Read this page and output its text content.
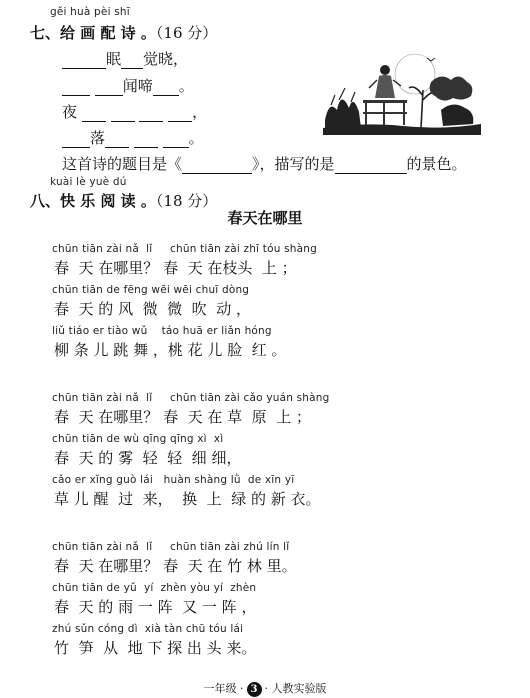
gěi huà pèi shī
七、给 画 配 诗 。（16 分）
眠 觉晓，
闻啼 。
夜	，
落	。
这首诗的题目是《	》，描写的是	的景色。
kuài lè yuè dú
八、快 乐 阅 读 。（18 分）
春天在哪里
chūn tiān zài nǎ  lǐ     chūn tiān zài zhī tóu shàng
春  天 在哪里？ 春  天 在枝头  上 ；
chūn tiān de fēng wēi wēi chuī dòng
春  天 的 风  微  微  吹  动 ，
liǔ tiáo er tiào wǔ    táo huā er liǎn hóng
柳 条 儿 跳 舞 ，桃 花 儿 脸  红 。
chūn tiān zài nǎ  lǐ     chūn tiān zài cǎo yuán shàng
春  天 在哪里？ 春  天 在 草  原  上 ；
chūn tiān de wù qīng qīng xì  xì
春  天 的 雾  轻  轻  细 细，
cǎo er xǐng guò lái   huàn shàng lǜ  de xīn yī
草 儿 醒  过  来，  换  上  绿 的 新 衣。
chūn tiān zài nǎ  lǐ     chūn tiān zài zhú lín lǐ
春  天 在哪里？ 春  天 在 竹 林 里。
chūn tiān de yǔ  yí  zhèn yòu yí  zhèn
春  天 的 雨 一 阵  又 一 阵 ，
zhú sǔn cóng dì  xià tàn chū tóu lái
竹  笋  从  地 下 探 出 头 来。
一年级 · 3 · 人教实验版
